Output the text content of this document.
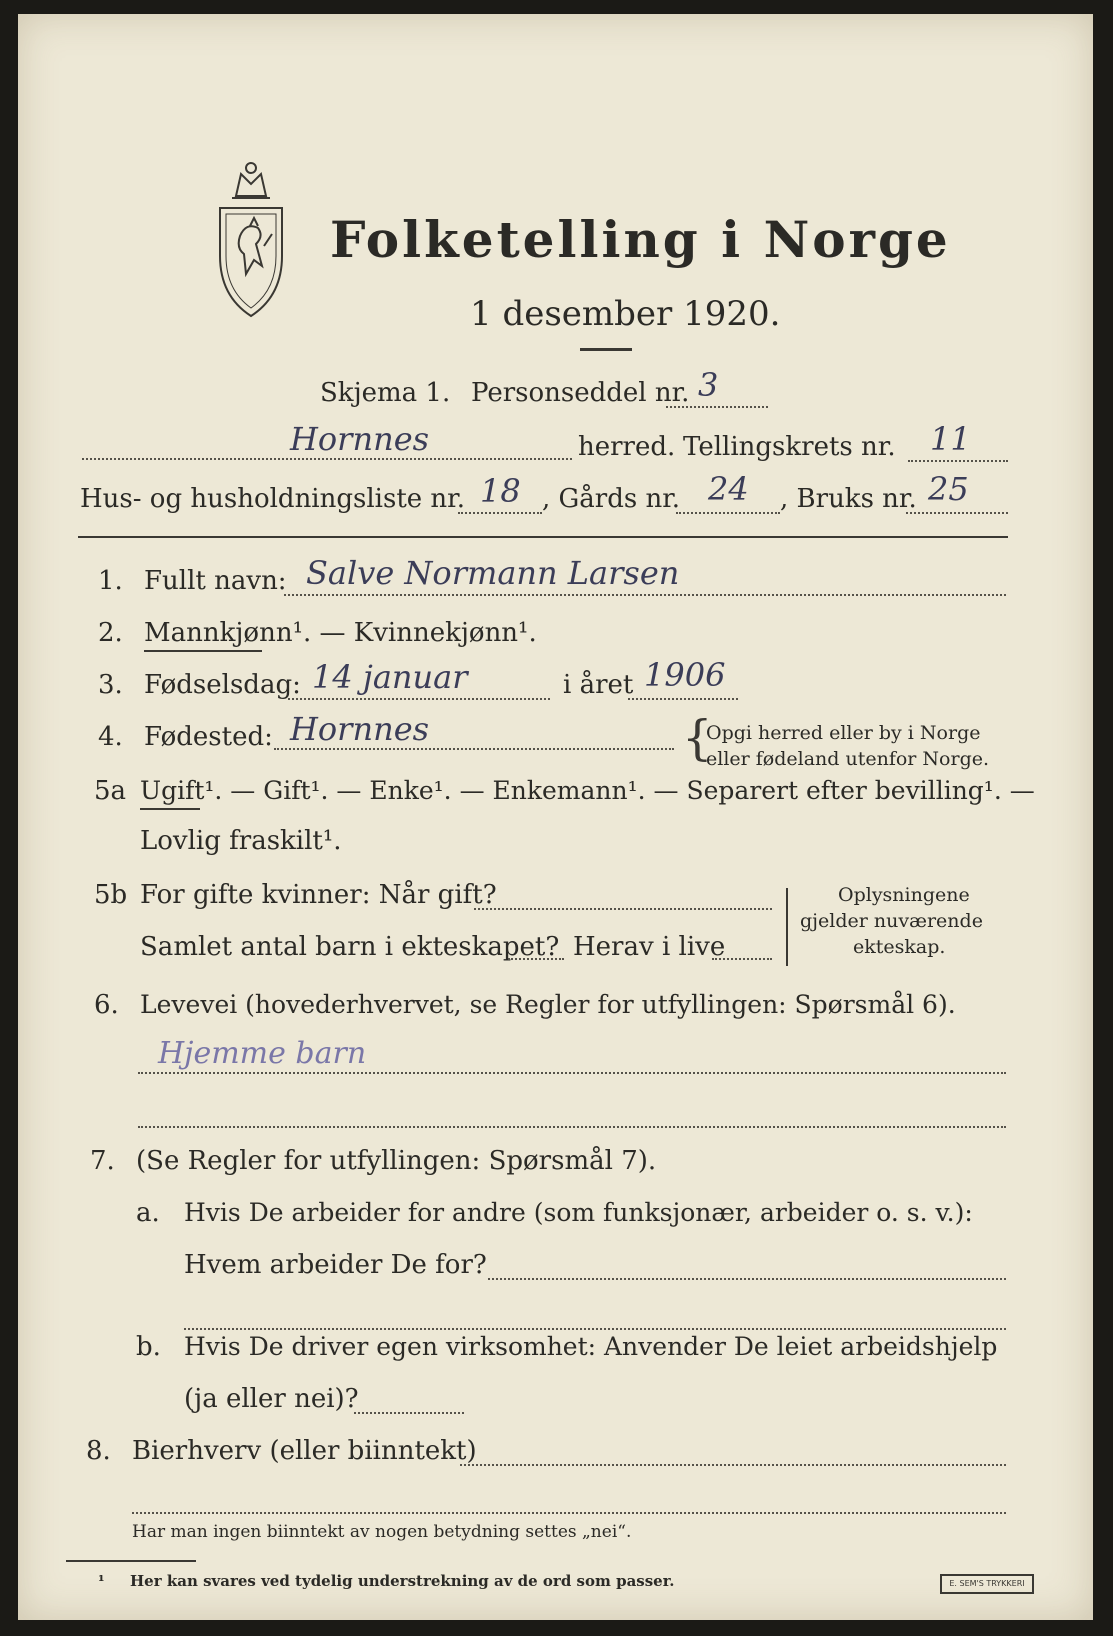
Folketelling i Norge
1 desember 1920.
Skjema 1. Personseddel nr. 3
Hornnes	herred. Tellingskrets nr. 11
Hus- og husholdningsliste nr. 18 , Gårds nr. 24 , Bruks nr. 25
1. Fullt navn: Salve Normann Larsen
2. Mannkjønn¹. — Kvinnekjønn¹.
3. Fødselsdag: 14 januar	i året 1906
4. Fødested: Hornnes	{
Opgi herred eller by i Norge
eller fødeland utenfor Norge.
5a Ugift¹. — Gift¹. — Enke¹. — Enkemann¹. — Separert efter bevilling¹. —
Lovlig fraskilt¹.
5b For gifte kvinner: Når gift?
Samlet antal barn i ekteskapet? Herav i live
Oplysningene
gjelder nuværende
ekteskap.
6. Levevei (hovederhvervet, se Regler for utfyllingen: Spørsmål 6).
Hjemme barn
7. (Se Regler for utfyllingen: Spørsmål 7).
a. Hvis De arbeider for andre (som funksjonær, arbeider o. s. v.):
Hvem arbeider De for?
b. Hvis De driver egen virksomhet: Anvender De leiet arbeidshjelp
(ja eller nei)?
8. Bierhverv (eller biinntekt)
Har man ingen biinntekt av nogen betydning settes „nei“.
¹ Her kan svares ved tydelig understrekning av de ord som passer.	E. SEM'S TRYKKERI
